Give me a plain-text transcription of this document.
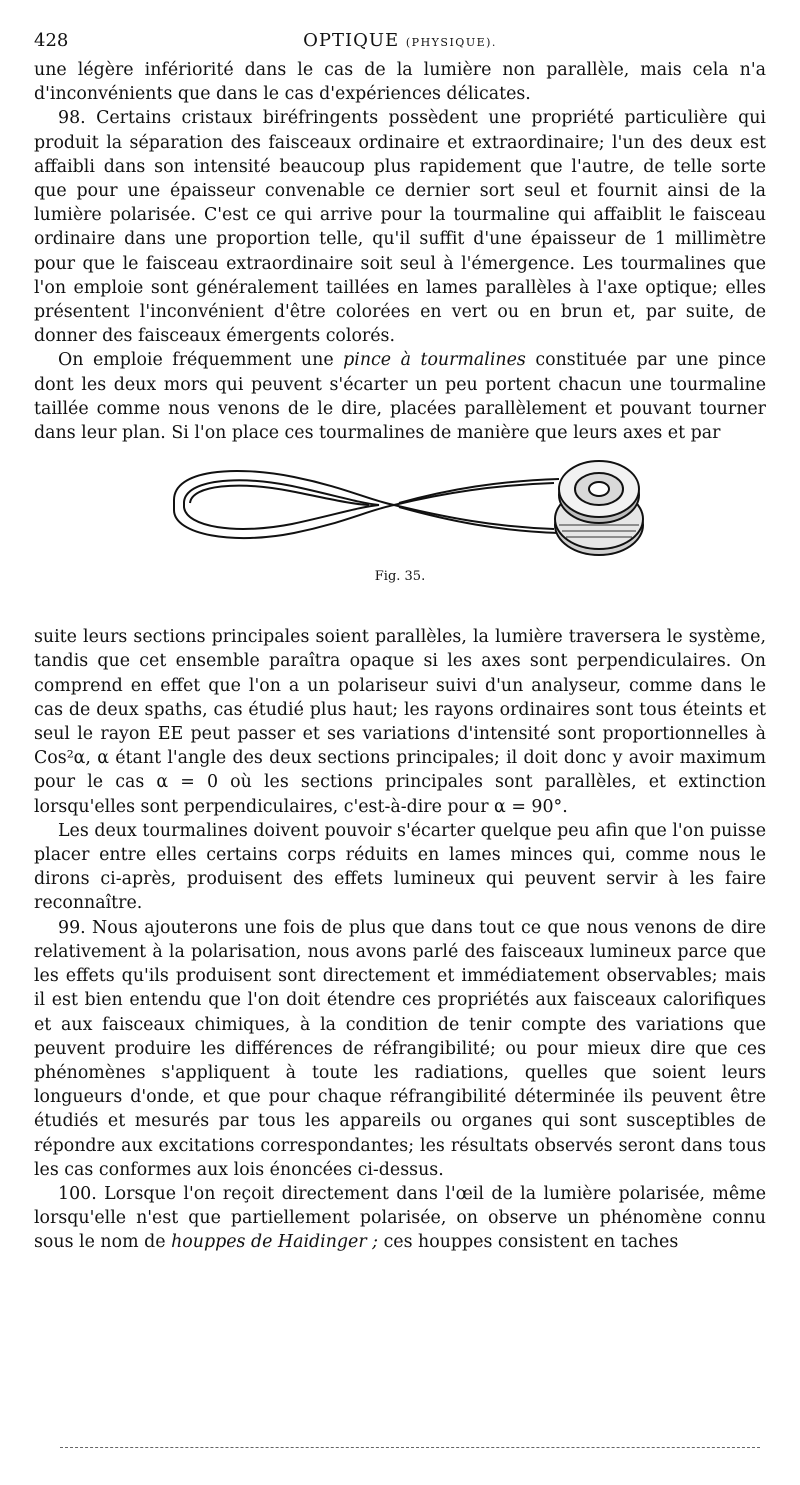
428	OPTIQUE (PHYSIQUE).

une légère infériorité dans le cas de la lumière non parallèle, mais cela n'a d'inconvénients que dans le cas d'expériences délicates.

98. Certains cristaux biréfringents possèdent une propriété particulière qui produit la séparation des faisceaux ordinaire et extraordinaire; l'un des deux est affaibli dans son intensité beaucoup plus rapidement que l'autre, de telle sorte que pour une épaisseur convenable ce dernier sort seul et fournit ainsi de la lumière polarisée. C'est ce qui arrive pour la tourmaline qui affaiblit le faisceau ordinaire dans une proportion telle, qu'il suffit d'une épaisseur de 1 millimètre pour que le faisceau extraordinaire soit seul à l'émergence. Les tourmalines que l'on emploie sont généralement taillées en lames parallèles à l'axe optique; elles présentent l'inconvénient d'être colorées en vert ou en brun et, par suite, de donner des faisceaux émergents colorés.

On emploie fréquemment une pince à tourmalines constituée par une pince dont les deux mors qui peuvent s'écarter un peu portent chacun une tourmaline taillée comme nous venons de le dire, placées parallèlement et pouvant tourner dans leur plan. Si l'on place ces tourmalines de manière que leurs axes et par

Fig. 35.

suite leurs sections principales soient parallèles, la lumière traversera le système, tandis que cet ensemble paraîtra opaque si les axes sont perpendiculaires. On comprend en effet que l'on a un polariseur suivi d'un analyseur, comme dans le cas de deux spaths, cas étudié plus haut; les rayons ordinaires sont tous éteints et seul le rayon EE peut passer et ses variations d'intensité sont proportionnelles à Cos²α, α étant l'angle des deux sections principales; il doit donc y avoir maximum pour le cas α = 0 où les sections principales sont parallèles, et extinction lorsqu'elles sont perpendiculaires, c'est-à-dire pour α = 90°.

Les deux tourmalines doivent pouvoir s'écarter quelque peu afin que l'on puisse placer entre elles certains corps réduits en lames minces qui, comme nous le dirons ci-après, produisent des effets lumineux qui peuvent servir à les faire reconnaître.

99. Nous ajouterons une fois de plus que dans tout ce que nous venons de dire relativement à la polarisation, nous avons parlé des faisceaux lumineux parce que les effets qu'ils produisent sont directement et immédiatement observables; mais il est bien entendu que l'on doit étendre ces propriétés aux faisceaux calorifiques et aux faisceaux chimiques, à la condition de tenir compte des variations que peuvent produire les différences de réfrangibilité; ou pour mieux dire que ces phénomènes s'appliquent à toute les radiations, quelles que soient leurs longueurs d'onde, et que pour chaque réfrangibilité déterminée ils peuvent être étudiés et mesurés par tous les appareils ou organes qui sont susceptibles de répondre aux excitations correspondantes; les résultats observés seront dans tous les cas conformes aux lois énoncées ci-dessus.

100. Lorsque l'on reçoit directement dans l'œil de la lumière polarisée, même lorsqu'elle n'est que partiellement polarisée, on observe un phénomène connu sous le nom de houppes de Haidinger ; ces houppes consistent en taches
